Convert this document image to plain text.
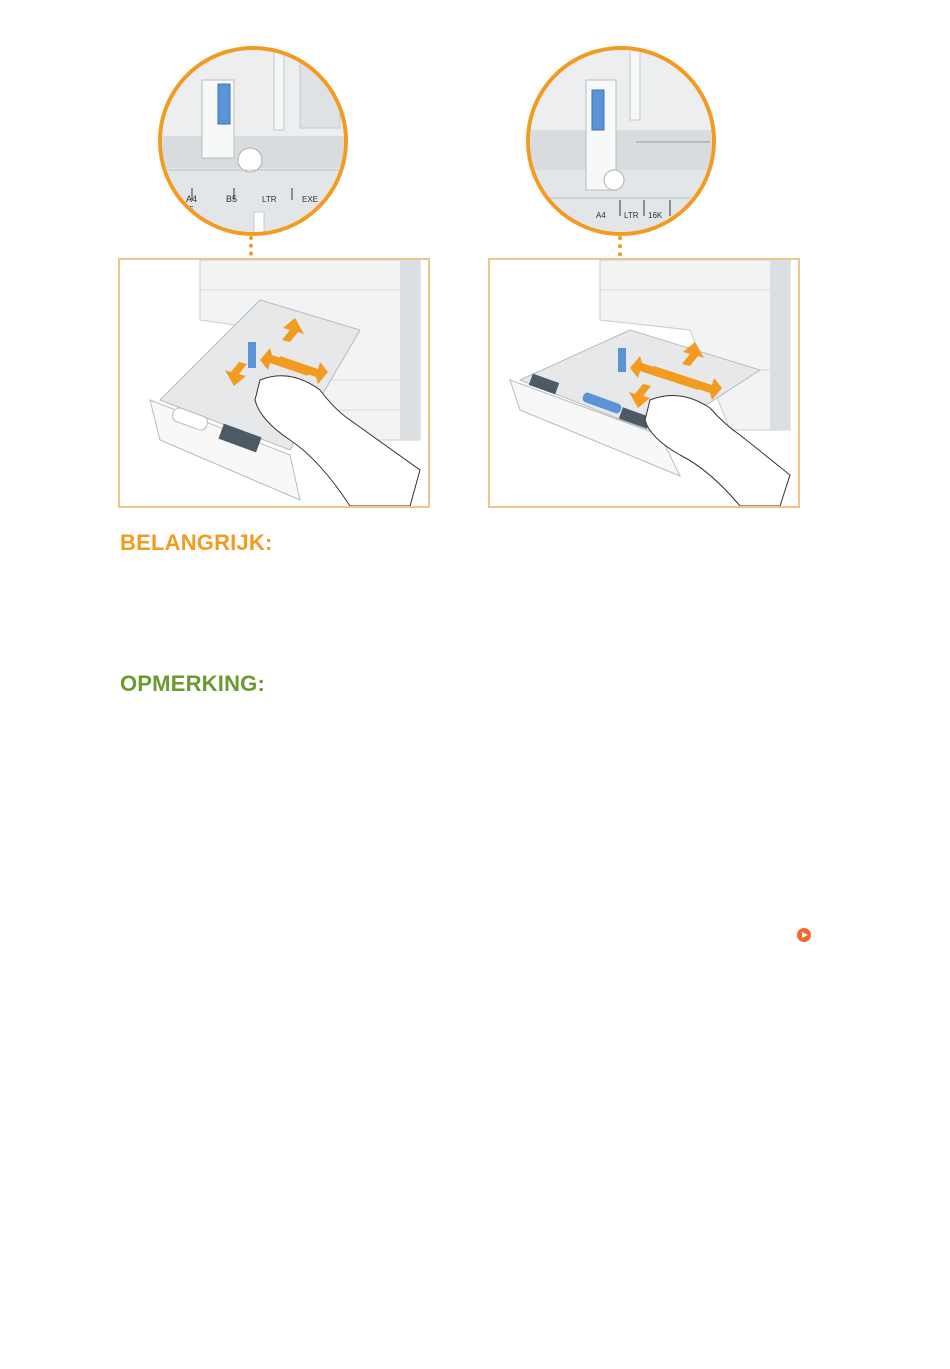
A4
B5
B5	LTR	EXE
A4 LTR 16K
BELANGRIJK:
OPMERKING:
